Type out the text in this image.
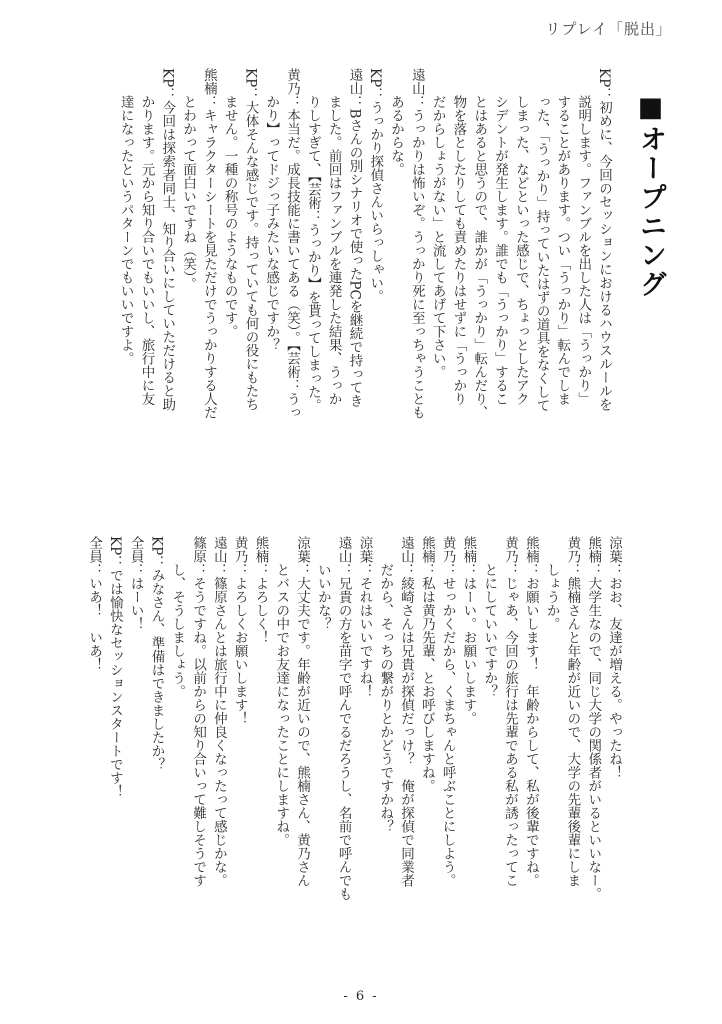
リプレイ「脱出」
■オープニング
KP：初めに、今回のセッションにおけるハウスルールを
　　説明します。ファンブルを出した人は「うっかり」
　　することがあります。つい「うっかり」転んでしま
　　った、「うっかり」持っていたはずの道具をなくして
　　しまった、などといった感じで、ちょっとしたアク
　　シデントが発生します。誰でも「うっかり」するこ
　　とはあると思うので、誰かが「うっかり」転んだり、
　　物を落としたりしても責めたりはせずに「うっかり
　　だからしょうがない」と流してあげて下さい。
遠山：うっかりは怖いぞ。うっかり死に至っちゃうことも
　　あるからな。
KP：うっかり探偵さんいらっしゃい。
遠山：Bさんの別シナリオで使ったPCを継続で持ってき
　　ました。前回はファンブルを連発した結果、うっか
　　りしすぎて、【芸術：うっかり】を貰ってしまった。
黄乃：本当だ。成長技能に書いてある（笑）。【芸術：うっ
　　かり】ってドジっ子みたいな感じですか？
KP：大体そんな感じです。持っていても何の役にもたち
　　ません。一種の称号のようなものです。
熊楠：キャラクターシートを見ただけでうっかりする人だ
　　とわかって面白いですね（笑）。
KP：今回は探索者同士、知り合いにしていただけると助
　　かります。元から知り合いでもいいし、旅行中に友
　　達になったというパターンでもいいですよ。
涼葉：おお、友達が増える。やったね！
熊楠：大学生なので、同じ大学の関係者がいるといいなー。
黄乃：熊楠さんと年齢が近いので、大学の先輩後輩にしま
　　しょうか。
熊楠：お願いします！　年齢からして、私が後輩ですね。
黄乃：じゃあ、今回の旅行は先輩である私が誘ったってこ
　　とにしていいですか？
熊楠：はーい。お願いします。
黄乃：せっかくだから、くまちゃんと呼ぶことにしよう。
熊楠：私は黄乃先輩、とお呼びしますね。
遠山：綾崎さんは兄貴が探偵だっけ？　俺が探偵で同業者
　　だから、そっちの繋がりとかどうですかね？
涼葉：それはいいですね！
遠山：兄貴の方を苗字で呼んでるだろうし、名前で呼んでも
　　いいかな？
涼葉：大丈夫です。年齢が近いので、熊楠さん、黄乃さん
　　とバスの中でお友達になったことにしますね。
熊楠：よろしく！
黄乃：よろしくお願いします！
遠山：篠原さんとは旅行中に仲良くなったって感じかな。
篠原：そうですね。以前からの知り合いって難しそうです
　　し、そうしましょう。
KP：みなさん、準備はできましたか？
全員：はーい！
KP：では愉快なセッションスタートです！
全員：いあ！　いあ！
- 6 -
